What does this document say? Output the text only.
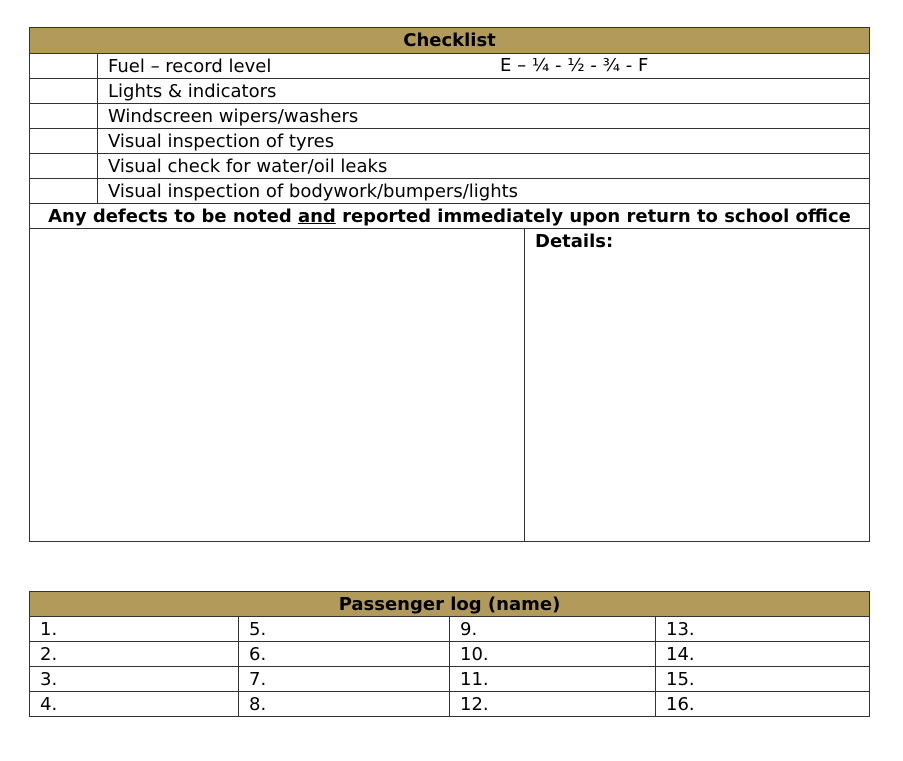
Checklist		
	Fuel – record level E – ¼ - ½ - ¾ - F	

	Lights & indicators	
	Windscreen wipers/washers	
	Visual inspection of tyres	
	Visual check for water/oil leaks	
	Visual inspection of bodywork/bumpers/lights	
Any defects to be noted and reported immediately upon return to school office		
		Details:
Passenger log (name)			
1.	5.	9.	13.
2.	6.	10.	14.
3.	7.	11.	15.
4.	8.	12.	16.
